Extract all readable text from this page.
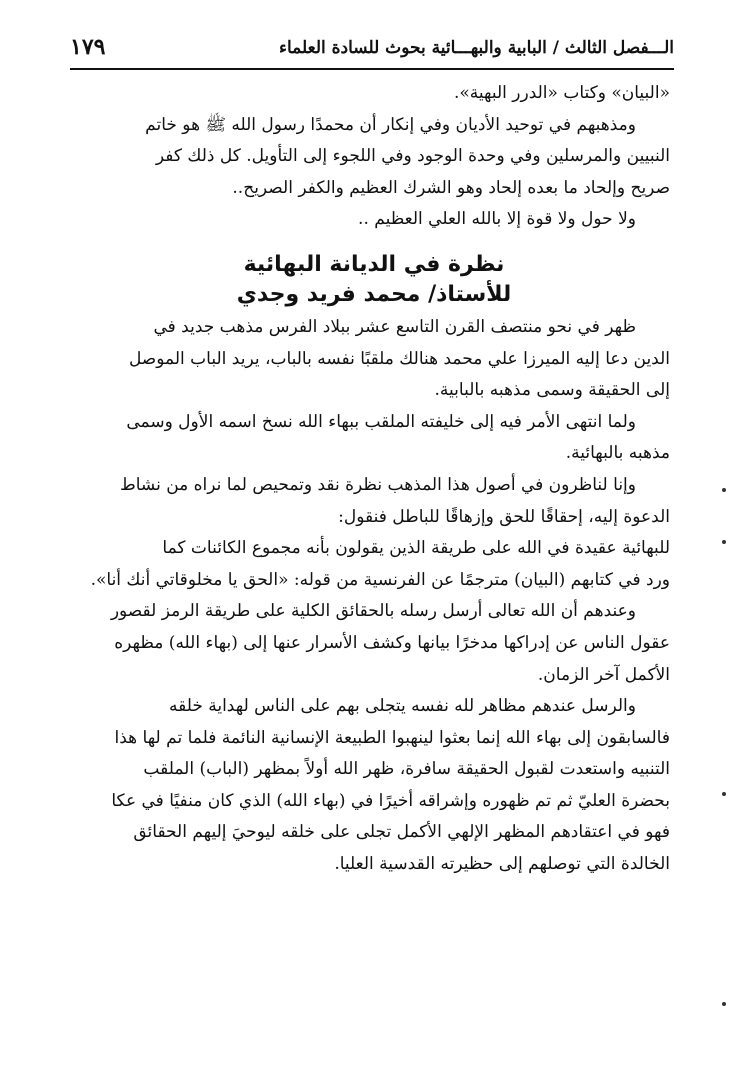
الـــفصل الثالث / البابية والبهـــائية بحوث للسادة العلماء
١٧٩
«البيان» وكتاب «الدرر البهية».
ومذهبهم في توحيد الأديان وفي إنكار أن محمدًا رسول الله ﷺ هو خاتم
النبيين والمرسلين وفي وحدة الوجود وفي اللجوء إلى التأويل. كل ذلك كفر
صريح وإلحاد ما بعده إلحاد وهو الشرك العظيم والكفر الصريح..
ولا حول ولا قوة إلا بالله العلي العظيم ..
نظرة في الديانة البهائية
للأستاذ/ محمد فريد وجدي
ظهر في نحو منتصف القرن التاسع عشر ببلاد الفرس مذهب جديد في
الدين دعا إليه الميرزا علي محمد هنالك ملقبًا نفسه بالباب، يريد الباب الموصل
إلى الحقيقة وسمى مذهبه بالبابية.
ولما انتهى الأمر فيه إلى خليفته الملقب ببهاء الله نسخ اسمه الأول وسمى
مذهبه بالبهائية.
وإنا لناظرون في أصول هذا المذهب نظرة نقد وتمحيص لما نراه من نشاط
الدعوة إليه، إحقاقًا للحق وإزهاقًا للباطل فنقول:
للبهائية عقيدة في الله على طريقة الذين يقولون بأنه مجموع الكائنات كما
ورد في كتابهم (البيان) مترجمًا عن الفرنسية من قوله: «الحق يا مخلوقاتي أنك أنا».
وعندهم أن الله تعالى أرسل رسله بالحقائق الكلية على طريقة الرمز لقصور
عقول الناس عن إدراكها مدخرًا بيانها وكشف الأسرار عنها إلى (بهاء الله) مظهره
الأكمل آخر الزمان.
والرسل عندهم مظاهر لله نفسه يتجلى بهم على الناس لهداية خلقه
فالسابقون إلى بهاء الله إنما بعثوا لينهبوا الطبيعة الإنسانية النائمة فلما تم لها هذا
التنبيه واستعدت لقبول الحقيقة سافرة، ظهر الله أولاً بمظهر (الباب) الملقب
بحضرة العليّ ثم تم ظهوره وإشراقه أخيرًا في (بهاء الله) الذي كان منفيًا في عكا
فهو في اعتقادهم المظهر الإلهي الأكمل تجلى على خلقه ليوحيَ إليهم الحقائق
الخالدة التي توصلهم إلى حظيرته القدسية العليا.
